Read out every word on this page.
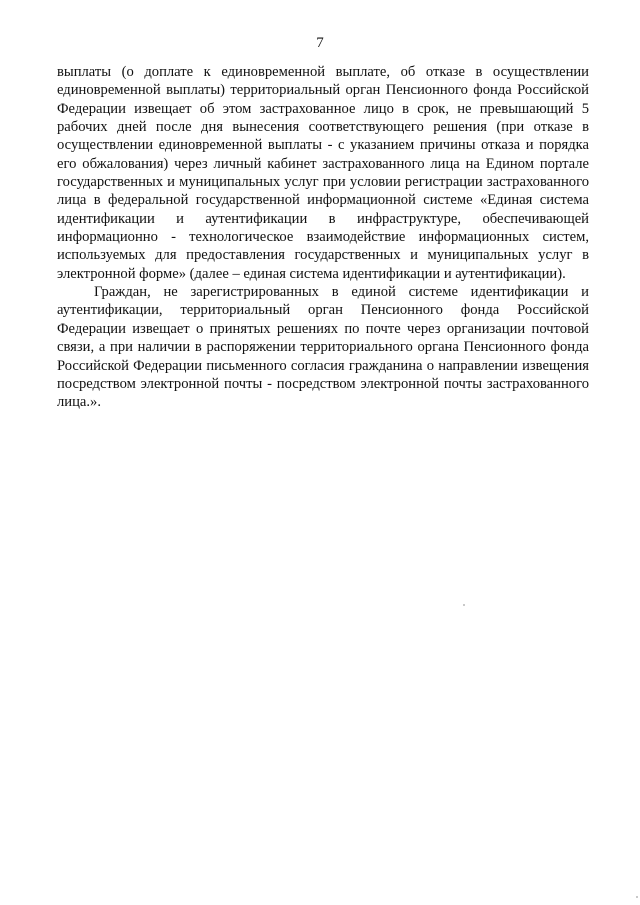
7

выплаты (о доплате к единовременной выплате, об отказе в осуществлении единовременной выплаты) территориальный орган Пенсионного фонда Российской Федерации извещает об этом застрахованное лицо в срок, не превышающий 5 рабочих дней после дня вынесения соответствующего решения (при отказе в осуществлении единовременной выплаты - с указанием причины отказа и порядка его обжалования) через личный кабинет застрахованного лица на Едином портале государственных и муниципальных услуг при условии регистрации застрахованного лица в федеральной государственной информационной системе «Единая система идентификации и аутентификации в инфраструктуре, обеспечивающей информационно - технологическое взаимодействие информационных систем, используемых для предоставления государственных и муниципальных услуг в электронной форме» (далее – единая система идентификации и аутентификации).

Граждан, не зарегистрированных в единой системе идентификации и аутентификации, территориальный орган Пенсионного фонда Российской Федерации извещает о принятых решениях по почте через организации почтовой связи, а при наличии в распоряжении территориального органа Пенсионного фонда Российской Федерации письменного согласия гражданина о направлении извещения посредством электронной почты - посредством электронной почты застрахованного лица.».
